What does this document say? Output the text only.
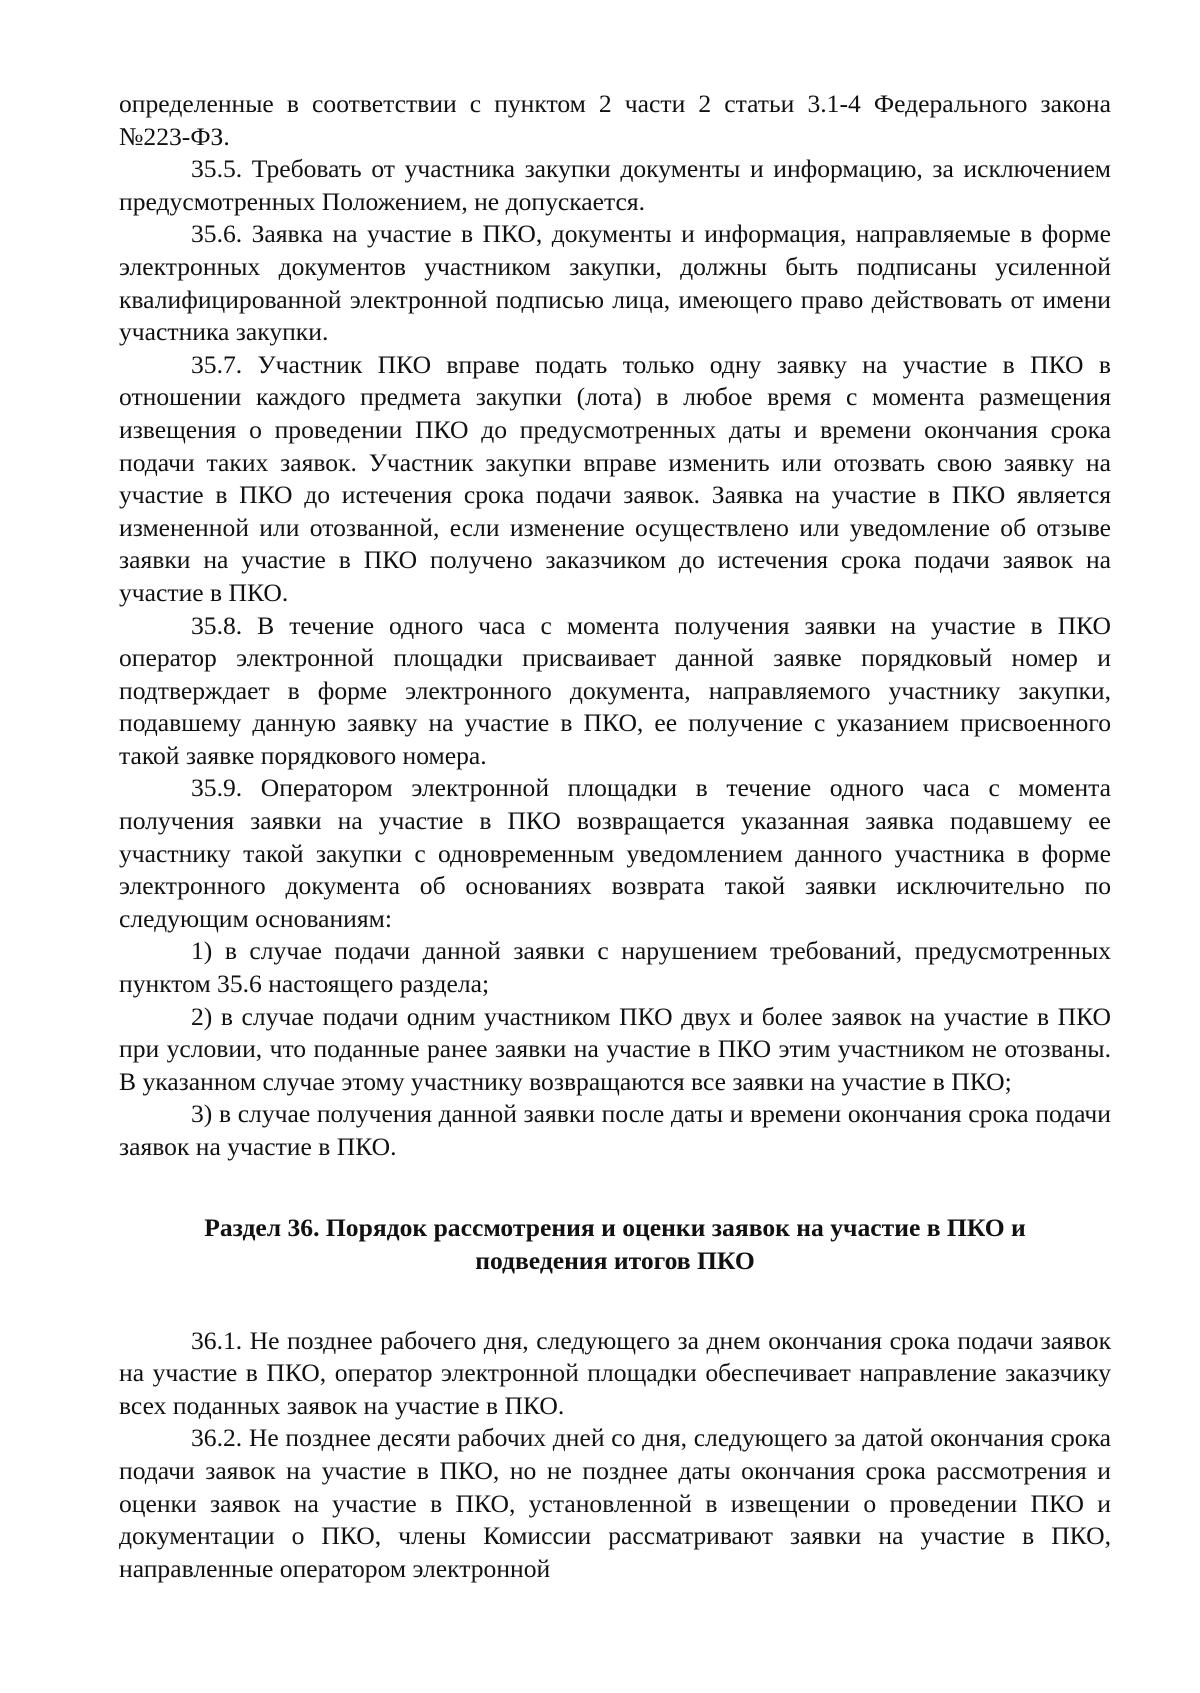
определенные в соответствии с пунктом 2 части 2 статьи 3.1-4 Федерального закона №223-ФЗ.

35.5. Требовать от участника закупки документы и информацию, за исключением предусмотренных Положением, не допускается.

35.6. Заявка на участие в ПКО, документы и информация, направляемые в форме электронных документов участником закупки, должны быть подписаны усиленной квалифицированной электронной подписью лица, имеющего право действовать от имени участника закупки.

35.7. Участник ПКО вправе подать только одну заявку на участие в ПКО в отношении каждого предмета закупки (лота) в любое время с момента размещения извещения о проведении ПКО до предусмотренных даты и времени окончания срока подачи таких заявок. Участник закупки вправе изменить или отозвать свою заявку на участие в ПКО до истечения срока подачи заявок. Заявка на участие в ПКО является измененной или отозванной, если изменение осуществлено или уведомление об отзыве заявки на участие в ПКО получено заказчиком до истечения срока подачи заявок на участие в ПКО.

35.8. В течение одного часа с момента получения заявки на участие в ПКО оператор электронной площадки присваивает данной заявке порядковый номер и подтверждает в форме электронного документа, направляемого участнику закупки, подавшему данную заявку на участие в ПКО, ее получение с указанием присвоенного такой заявке порядкового номера.

35.9. Оператором электронной площадки в течение одного часа с момента получения заявки на участие в ПКО возвращается указанная заявка подавшему ее участнику такой закупки с одновременным уведомлением данного участника в форме электронного документа об основаниях возврата такой заявки исключительно по следующим основаниям:

1) в случае подачи данной заявки с нарушением требований, предусмотренных пунктом 35.6 настоящего раздела;

2) в случае подачи одним участником ПКО двух и более заявок на участие в ПКО при условии, что поданные ранее заявки на участие в ПКО этим участником не отозваны. В указанном случае этому участнику возвращаются все заявки на участие в ПКО;

3) в случае получения данной заявки после даты и времени окончания срока подачи заявок на участие в ПКО.

Раздел 36. Порядок рассмотрения и оценки заявок на участие в ПКО и подведения итогов ПКО

36.1. Не позднее рабочего дня, следующего за днем окончания срока подачи заявок на участие в ПКО, оператор электронной площадки обеспечивает направление заказчику всех поданных заявок на участие в ПКО.

36.2. Не позднее десяти рабочих дней со дня, следующего за датой окончания срока подачи заявок на участие в ПКО, но не позднее даты окончания срока рассмотрения и оценки заявок на участие в ПКО, установленной в извещении о проведении ПКО и документации о ПКО, члены Комиссии рассматривают заявки на участие в ПКО, направленные оператором электронной
